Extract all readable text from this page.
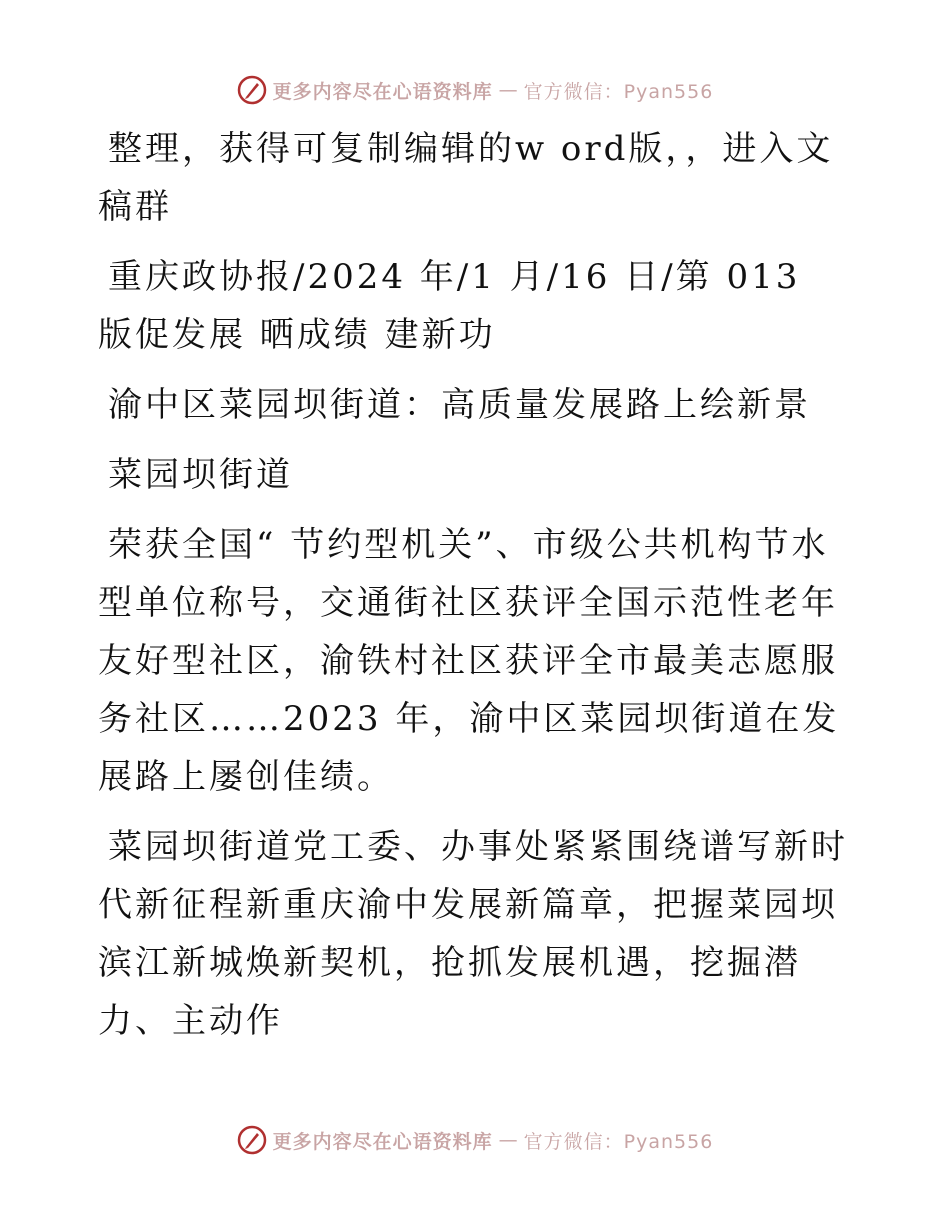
更多内容尽在心语资料库 — 官方微信：Pyan556

整理，获得可复制编辑的w ord版，，进入文稿群

重庆政协报/2024 年/1 月/16 日/第 013 版促发展 晒成绩 建新功

渝中区菜园坝街道：高质量发展路上绘新景

菜园坝街道

荣获全国“ 节约型机关”、市级公共机构节水型单位称号，交通街社区获评全国示范性老年友好型社区，渝铁村社区获评全市最美志愿服务社区……2023 年，渝中区菜园坝街道在发展路上屡创佳绩。

菜园坝街道党工委、办事处紧紧围绕谱写新时代新征程新重庆渝中发展新篇章，把握菜园坝滨江新城焕新契机，抢抓发展机遇，挖掘潜力、主动作

更多内容尽在心语资料库 — 官方微信：Pyan556
